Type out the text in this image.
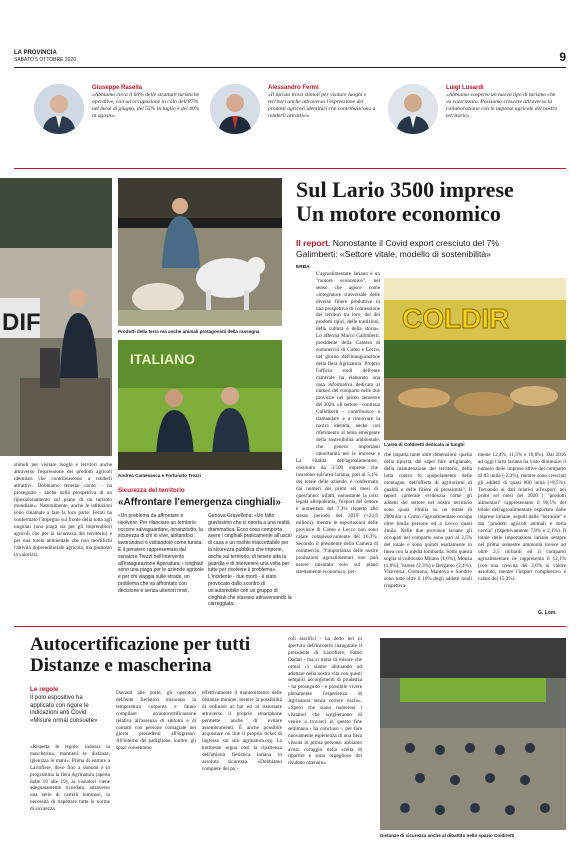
LA PROVINCIA
SABATO 5 OTTOBRE 2020	9
Giuseppe Rasella
«Abbiamo circa il 60% delle strutture turistiche operative, con un'occupazione in calo dell'87% nel mese di giugno, del 55% in luglio e del 40% in agosto»
Alessandro Fermi
«Il turista trova stimoli per visitare luoghi e territori anche attraverso l'espressione dei prodotti agricoli identitari che contribuiscono a renderli attrattivi»
Luigi Lusardi
«Abbiamo scoperto un nuovo tipo di turismo che va valorizzato. Possiamo crescere attraverso la collaborazione con le imprese agricole del nostro territorio»
DIF	Prodotti della terra ma anche animali protagonisti della rassegna
ITALIANO
Andrea Camesasca e Fortunato Trezzi
stimoli per visitare luoghi e territori anche attraverso l'espressione dei prodotti agricoli identitari che contribuiscono a renderli attrattivi. Dobbiamo tenerne conto - ha proseguito - anche nella prospettiva di un riposizionamento sul piano di un turismo mondiale». Naturalmente, anche le istituzioni sono chiamate a fare la loro parte: Fermi ha confermato l'impegno sul fronte della lotta agli ungulati (una piaga sia per gli imprenditori agricoli che per la sicurezza del territorio) e per una tutela ambientale che non mortifichi l'attività imprenditoriale agricola, ma piuttosto la valorizzi.
Sicurezza del territorio
«Affrontare l'emergenza cinghiali»
«Un problema da affrontare e risolvere. Per rilanciare un territorio occorre salvaguardare, innanzitutto, la sicurezza di chi lo vive, abitandoci, lavorandoci o visitandolo come turista. È il pensiero rappresentato dal senatore Trezzi nell'intervento all'inaugurazione Agrinatura: i cinghiali sono una piaga per le aziende agricole e per chi viaggia sulle strade, un problema che va affrontato con decisione e senza ulteriori rinvii,
Genova-Gravellona: «Un fatto gravissimo che ci riporta a una realtà drammatica. Ecco cosa comporta avere i cinghiali praticamente all'uscio di casa e un rischio inaccettabile per la sicurezza pubblica che impone, anche sul territorio, di tenere alta la guardia e di intervenire una volta per tutte per risolvere il problema». L'incidente - due morti - è stato provocato dallo scontro di un'automobile con un gruppo di cinghiali che stavano attraversando la carreggiata.
Sul Lario 3500 imprese
Un motore economico
Il report. Nonostante il Covid export cresciuto del 7%
Galimberti: «Settore vitale, modello di sostenibilità»
ERBA
L'agroalimentare lariano è un "motore economico", nel senso che agisce come «integratore trasversale delle diverse filiere produttive in una prospettiva di connessione dei territori tra loro, dei dei prodotti tipici, delle tradizioni, della cultura e della storia». Lo afferma Marco Galimberti, presidente della Camera di commercio di Como e Lecco, nel giorno dell'inaugurazione della fiera Agrinatura. Proprio l'ufficio studi dell'ente camerale ha elaborato una nota informativa dedicata ai numeri del comparto nelle due province nel primo semestre del 2020. «Il settore - continua Galimberti - contribuisce a tramandare e a rinnovare la nostra identità, anche con riferimento al tema emergente della sostenibilità ambientale, che genera importanti opportunità per le imprese e
COLDIR
L'area di Coldiretti dedicata ai funghi
La vitalità dell'agroalimentare, costituito da 3.500 imprese che insistono sull'area lariana, pari al 5,4% del totale delle aziende, è confermata dai numeri dei primi sei mesi di quest'anno: infatti, nonostante la crisi legata all'epidemia, l'export del settore è aumentato del 7,3% rispetto allo stesso periodo del 2019 (+22,6 milioni), mentre le esportazioni delle province di Como e Lecco non sono calate complessivamente del 16,3%. Secondo il presidente della Camera di commercio, "l'importanza delle nostre produzioni agroalimentari non può essere misurata solo sul piano strettamente economico, per-
ché impatta tante altre dimensioni: quella della tipicità, del saper fare artigianale, della manutenzione del territorio, della lotta contro lo spopolamento delle montagne, dell'offerta di agriturismi di qualità e delle filiere di prossimità". Il report camerale evidenzia come gli addetti del settore nel nostro territorio sono quasi 10mila su un totale di 280mila: a Como l'agroalimentare occupa oltre 6mila persone ed a Lecco quasi 4mila. Nelle due province lariane gli occupati nel comparto sono pari al 3,5% del totale e sono quindi esattamente in linea con la media lombarda. Sotto questa soglia si collocano Milano (1,6%), Monza (1,8%), Varese (2,3%) e Bergamo (3,4%). Viceversa, Cremona, Mantova e Sondrio sono tutte oltre il 10% degli addetti totali (rispettiva-
mente 12,4%, 11,5% e 10,8%). Dal 2016 ad oggi l'area lariana ha visto diminuire il numero delle imprese attive del comparto di 83 unità (-2,3%), mentre sono cresciuti gli addetti di quasi 800 unità (+8,5%). Tornando ai dati relativi all'export, nei primi sei mesi del 2020 i "prodotti alimentari" rappresentano il 90,1% del totale dell'agroalimentare esportato dalle imprese lariane, seguiti dalle "bevande" e dai "prodotti agricoli animali e della caccia" (rispettivamente 7,8% e 2,1%). Il totale delle importazioni lariane sempre nel primo semestre ammonta invece ad oltre 2,5 miliardi ed il comparto agroalimentare ne rappresenta il 12,1% (con una crescita del 3,6% in valore assoluto, mentre l'import complessivo è calato del 15,3%).
G. Lom.
Autocertificazione per tutti
Distanze e mascherina
Le regole
Il polo espositivo ha applicato con rigore le indicazioni anti Covid «Misure ormai consuete»
«Rispetta le regole: indossa la mascherina, mantieni le distanze, igienizza le mani». Prima di entrare a Lariofiere, dove fino a domani è in programma la fiera Agrinatura (aperta dalle 10 alle 19), ai visitatori viene adeguatamente ricordata, attraverso una serie di cartelli luminosi, la necessità di rispettare tutte le norme di sicurezza.
Davanti alle porte, gli operatori dell'ente fieristico misurano la temperatura corporea e fanno compilare un'autocertificazione relativa all'assenza di sintomi e di contatti con persone contagiate nei giorni precedenti all'ingresso. All'interno del padiglione, inoltre, gli spazi consentono
effettivamente il mantenimento delle distanze minime, mentre la possibilità di ordinare al bar ed al ristorante attraverso il proprio smartphone permette anche di evitare assembramenti. È anche possibile acquistare on line il proprio ticket di ingresso sul sito agrinatura.org. La kermesse segna così la ripartenza dell'attività fieristica lariana in assoluta sicurezza. «Dobbiamo compiere dei pic-
coli sacrifici - ha detto ieri in apertura dell'incontro inaugurale il presidente di Lariofiere, Fabio Dadati - ma si tratta di misure che ormai ci siamo abituando ad adottare nella nostra vita con questi semplici accorgimenti di prudenza - ha proseguito - è possibile vivere pienamente l'esperienza di Agrinatura senza correre rischi». «Spero che siano numerosi i visitatori che sceglieranno di venire a trovarci in questo fine settimana - ha concluso -, per fare nuovamente esperienza di una fiera vissuta in prima persona: abbiamo avuto coraggio nella scelta di ripartire e sono orgoglioso del risultato ottenuto».
Distanze di sicurezza anche al dibattito nello spazio Coldiretti
